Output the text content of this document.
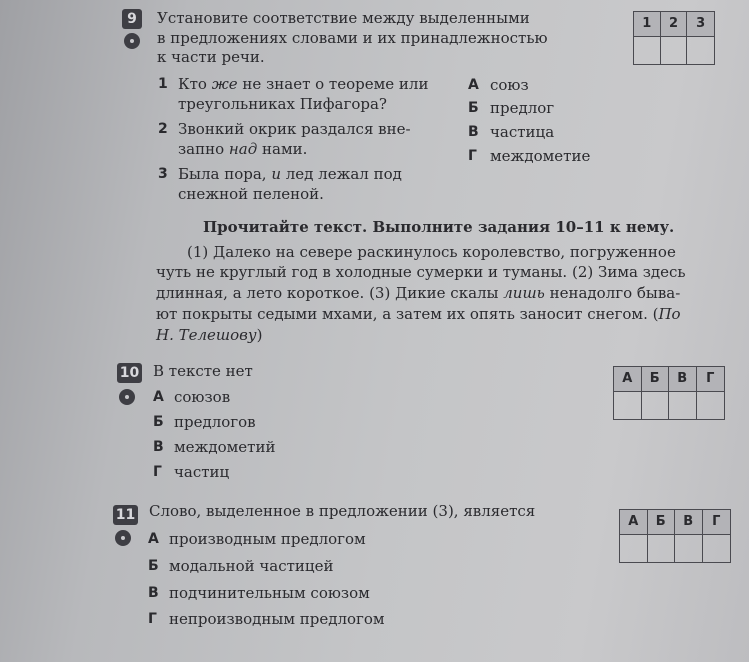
9	Установите соответствие между выделенными
в предложениях словами и их принадлежностью
к части речи.
1	2	3
1 Кто же не знает о теореме или
треугольниках Пифагора?
2 Звонкий окрик раздался вне-
запно над нами.
3 Была пора, и лед лежал под
снежной пеленой.
А союз
Б предлог
В частица
Г междометие
Прочитайте текст. Выполните задания 10–11 к нему.
(1) Далеко на севере раскинулось королевство, погруженное
чуть не круглый год в холодные сумерки и туманы. (2) Зима здесь
длинная, а лето короткое. (3) Дикие скалы лишь ненадолго быва-
ют покрыты седыми мхами, а затем их опять заносит снегом. (По
Н. Телешову)
10 В тексте нет
А союзов
Б предлогов
В междометий
Г частиц
А	Б	В	Г
11 Слово, выделенное в предложении (3), является
А производным предлогом
Б модальной частицей
В подчинительным союзом
Г непроизводным предлогом
А	Б	В	Г
